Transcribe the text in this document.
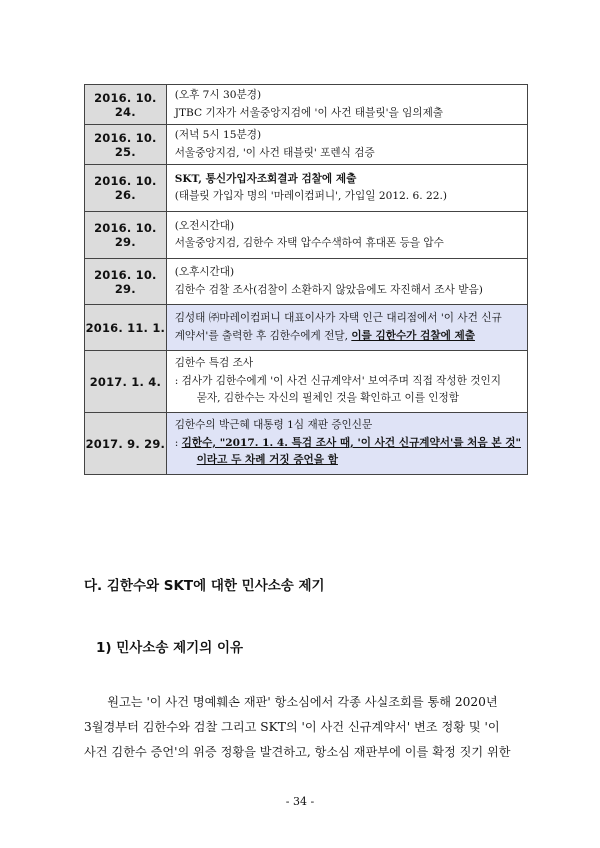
2016. 10. 24.	(오후 7시 30분경)
JTBC 기자가 서울중앙지검에 '이 사건 태블릿'을 임의제출

2016. 10. 25.	(저녁 5시 15분경)
서울중앙지검, '이 사건 태블릿' 포렌식 검증

2016. 10. 26.	SKT, 통신가입자조회결과 검찰에 제출
(태블릿 가입자 명의 '마레이컴퍼니', 가입일 2012. 6. 22.)

2016. 10. 29.	(오전시간대)
서울중앙지검, 김한수 자택 압수수색하여 휴대폰 등을 압수

2016. 10. 29.	(오후시간대)
김한수 검찰 조사(검찰이 소환하지 않았음에도 자진해서 조사 받음)

2016. 11. 1.	김성태 ㈜마레이컴퍼니 대표이사가 자택 인근 대리점에서 '이 사건 신규
계약서'를 출력한 후 김한수에게 전달, 이를 김한수가 검찰에 제출

2017. 1. 4.	김한수 특검 조사
: 검사가 김한수에게 '이 사건 신규계약서' 보여주며 직접 작성한 것인지
묻자, 김한수는 자신의 필체인 것을 확인하고 이를 인정함

2017. 9. 29.	김한수의 박근혜 대통령 1심 재판 증인신문
: 김한수, "2017. 1. 4. 특검 조사 때, '이 사건 신규계약서'를 처음 본 것"
이라고 두 차례 거짓 증언을 함
다. 김한수와 SKT에 대한 민사소송 제기
1) 민사소송 제기의 이유
원고는 '이 사건 명예훼손 재판' 항소심에서 각종 사실조회를 통해 2020년
3월경부터 김한수와 검찰 그리고 SKT의 '이 사건 신규계약서' 변조 정황 및 '이
사건 김한수 증언'의 위증 정황을 발견하고, 항소심 재판부에 이를 확정 짓기 위한
- 34 -
